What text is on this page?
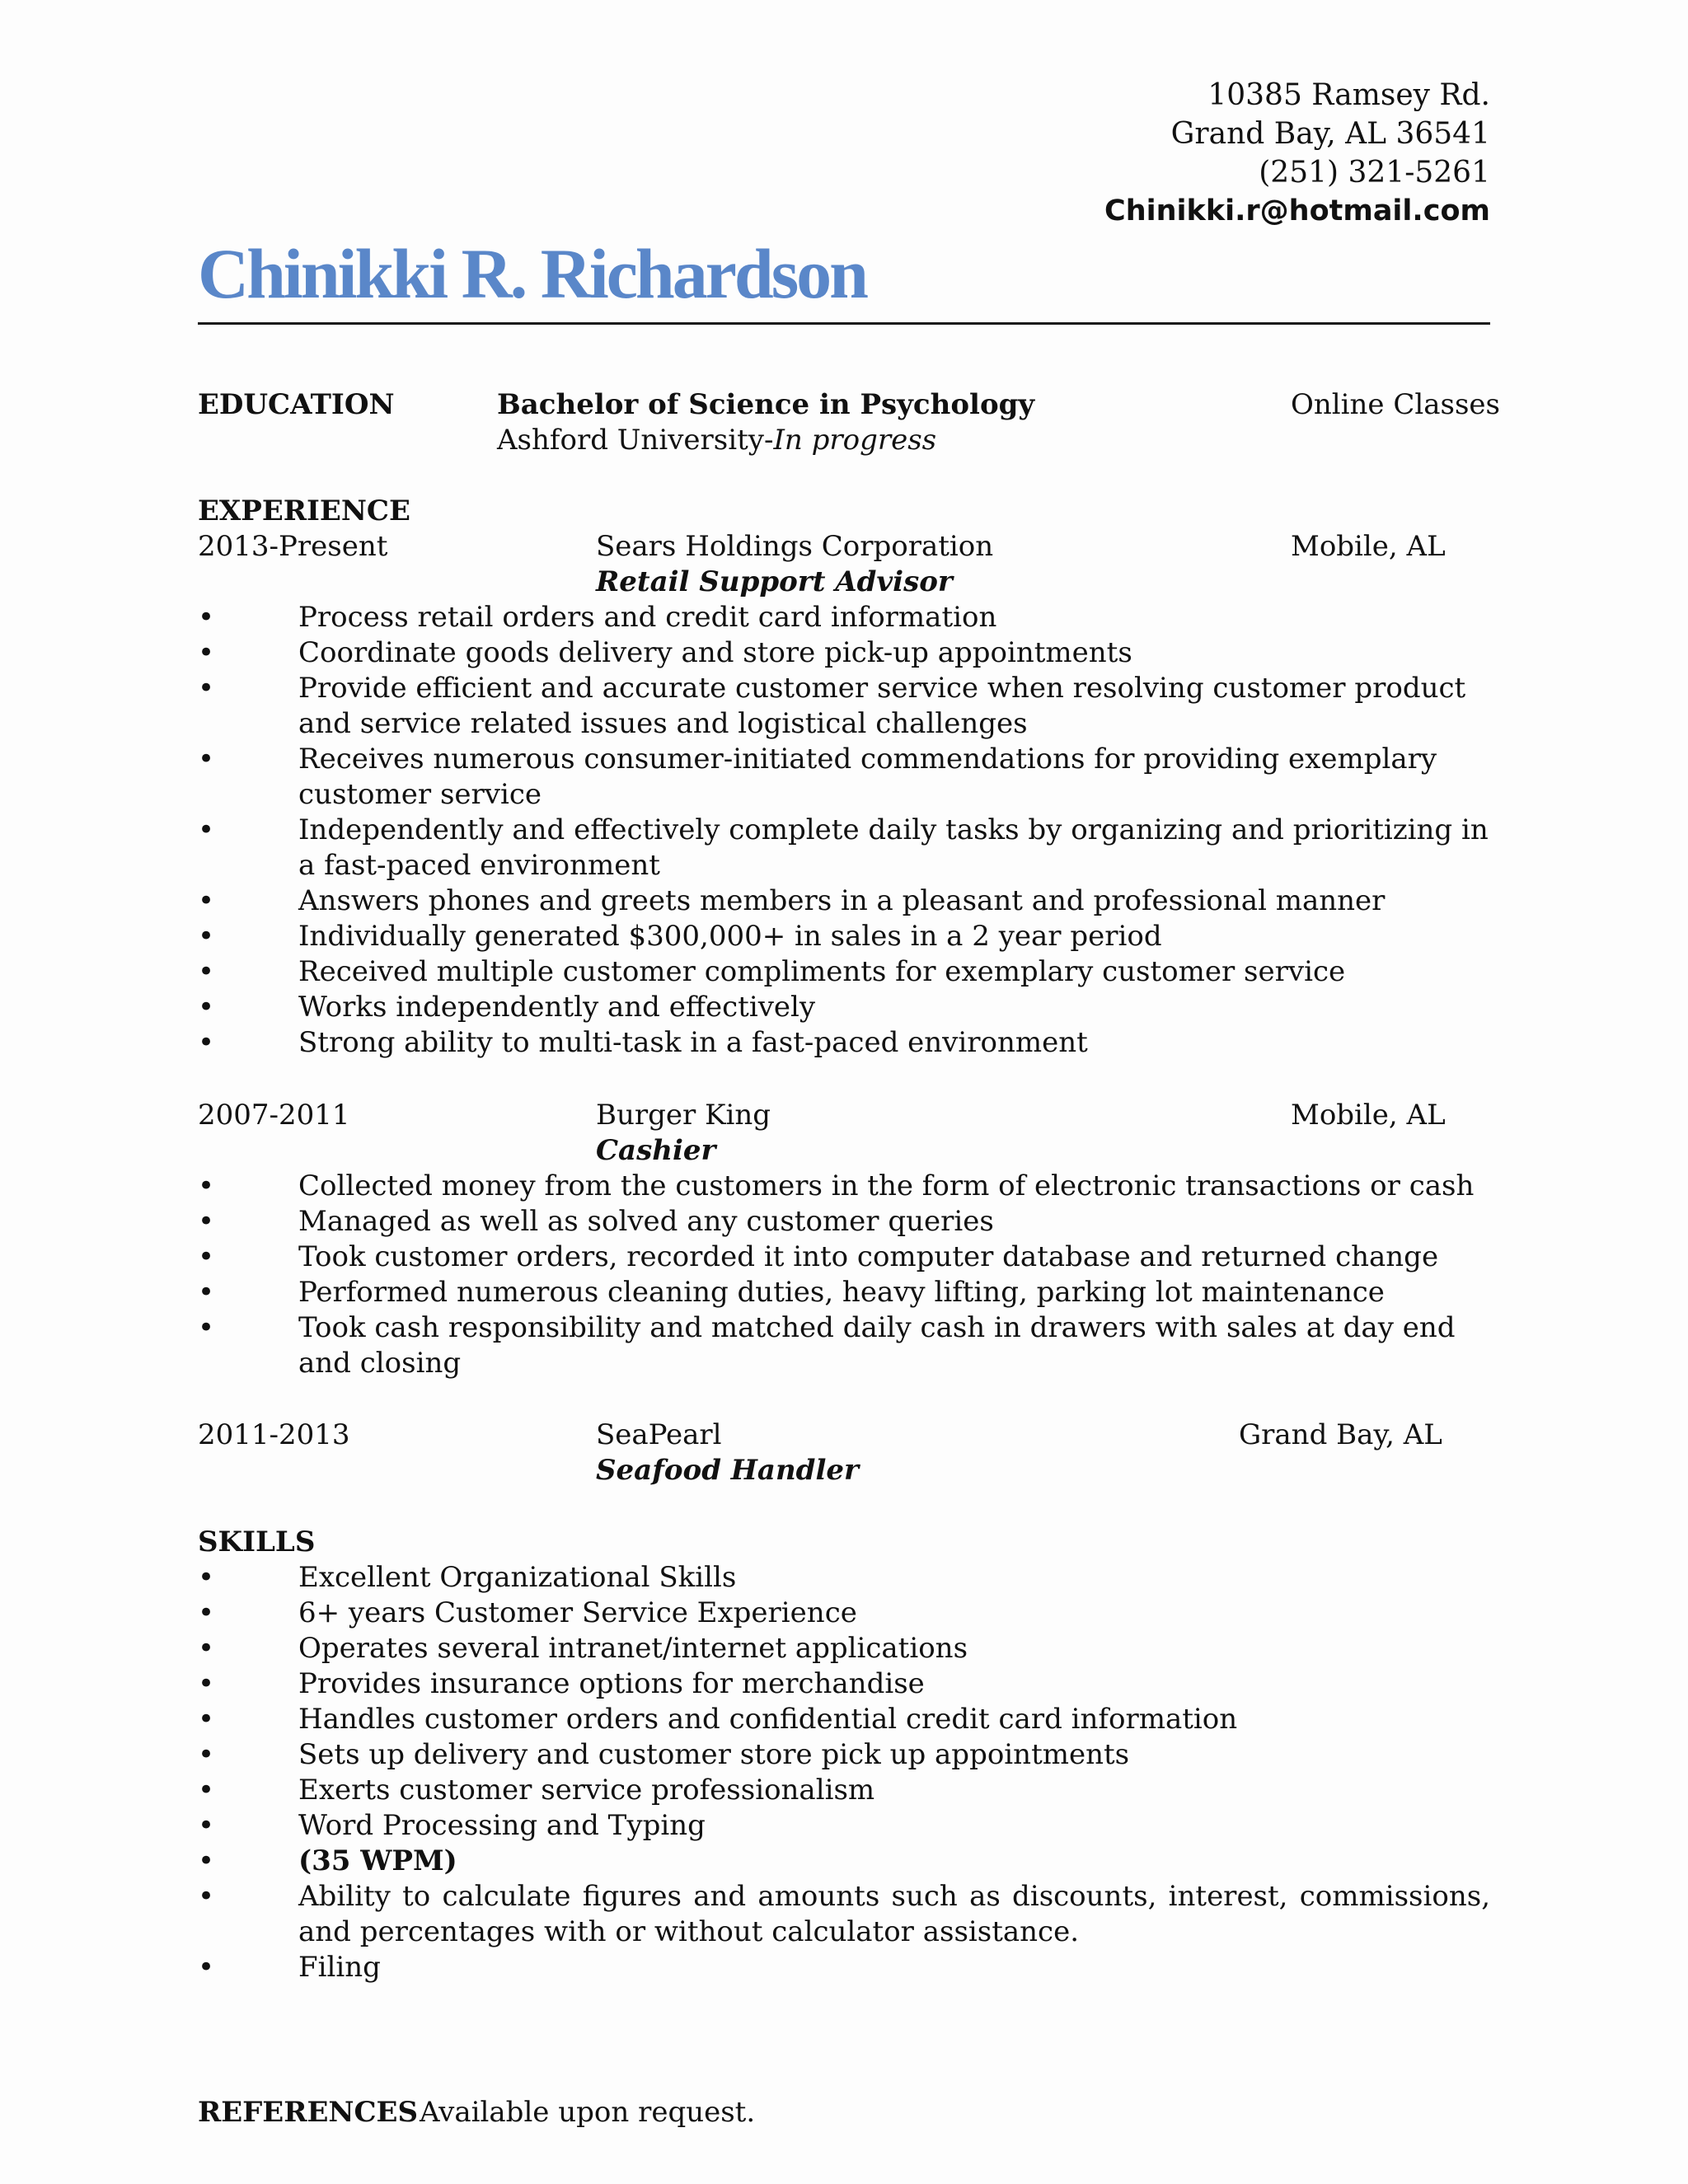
10385 Ramsey Rd.
Grand Bay, AL 36541
(251) 321-5261
Chinikki.r@hotmail.com
Chinikki R. Richardson
EDUCATION	Bachelor of Science in Psychology	Online Classes
Ashford University-In progress
EXPERIENCE
2013-Present	Sears Holdings Corporation	Mobile, AL
Retail Support Advisor
•	Process retail orders and credit card information
•	Coordinate goods delivery and store pick-up appointments
•	Provide efficient and accurate customer service when resolving customer product and service related issues and logistical challenges
•	Receives numerous consumer-initiated commendations for providing exemplary customer service
•	Independently and effectively complete daily tasks by organizing and prioritizing in a fast-paced environment
•	Answers phones and greets members in a pleasant and professional manner
•	Individually generated $300,000+ in sales in a 2 year period
•	Received multiple customer compliments for exemplary customer service
•	Works independently and effectively
•	Strong ability to multi-task in a fast-paced environment
2007-2011	Burger King	Mobile, AL
Cashier
•	Collected money from the customers in the form of electronic transactions or cash
•	Managed as well as solved any customer queries
•	Took customer orders, recorded it into computer database and returned change
•	Performed numerous cleaning duties, heavy lifting, parking lot maintenance
•	Took cash responsibility and matched daily cash in drawers with sales at day end and closing
2011-2013	SeaPearl	Grand Bay, AL
Seafood Handler
SKILLS
•	Excellent Organizational Skills
•	6+ years Customer Service Experience
•	Operates several intranet/internet applications
•	Provides insurance options for merchandise
•	Handles customer orders and confidential credit card information
•	Sets up delivery and customer store pick up appointments
•	Exerts customer service professionalism
•	Word Processing and Typing
•	(35 WPM)
•	Ability to calculate figures and amounts such as discounts, interest, commissions, and percentages with or without calculator assistance.
•	Filing
REFERENCES Available upon request.
